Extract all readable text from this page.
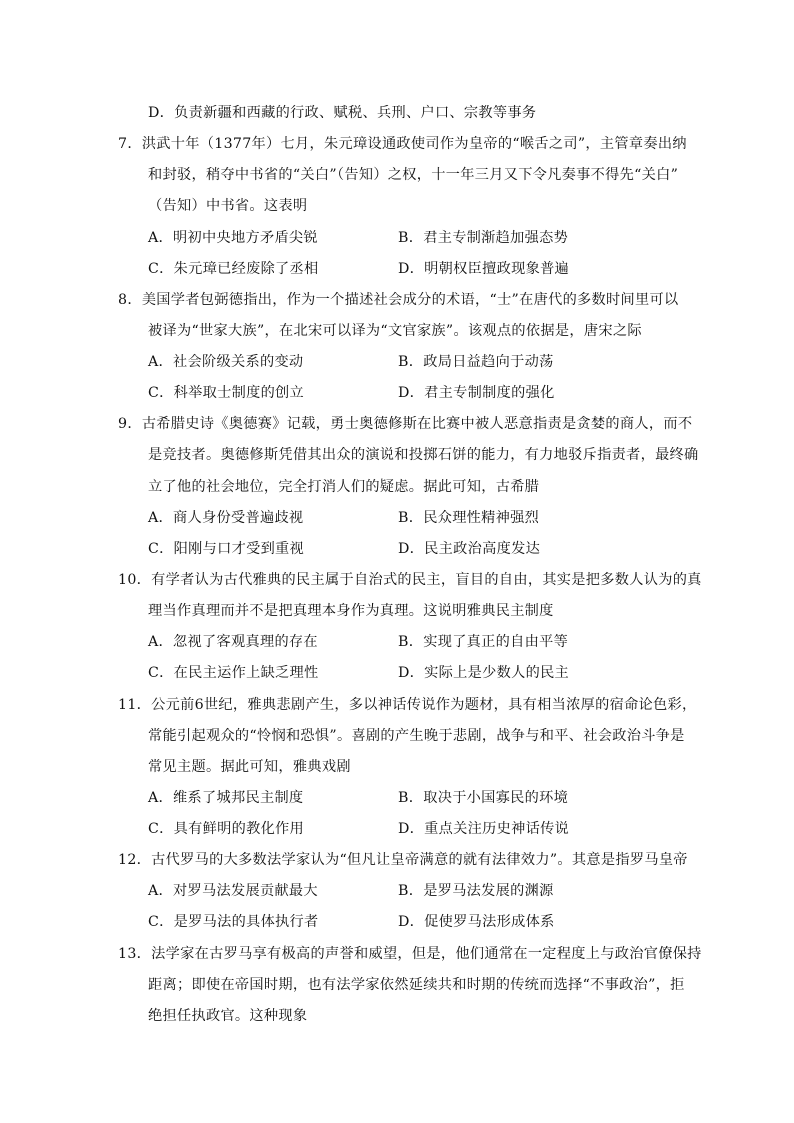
D．负责新疆和西藏的行政、赋税、兵刑、户口、宗教等事务
7．洪武十年（1377年）七月，朱元璋设通政使司作为皇帝的“喉舌之司”，主管章奏出纳
和封驳，稍夺中书省的“关白”（告知）之权，十一年三月又下令凡奏事不得先“关白”
（告知）中书省。这表明
A．明初中央地方矛盾尖锐	B．君主专制渐趋加强态势
C．朱元璋已经废除了丞相	D．明朝权臣擅政现象普遍
8．美国学者包弼德指出，作为一个描述社会成分的术语，“士”在唐代的多数时间里可以
被译为“世家大族”，在北宋可以译为“文官家族”。该观点的依据是，唐宋之际
A．社会阶级关系的变动	B．政局日益趋向于动荡
C．科举取士制度的创立	D．君主专制制度的强化
9．古希腊史诗《奥德赛》记载，勇士奥德修斯在比赛中被人恶意指责是贪婪的商人，而不
是竞技者。奥德修斯凭借其出众的演说和投掷石饼的能力，有力地驳斥指责者，最终确
立了他的社会地位，完全打消人们的疑虑。据此可知，古希腊
A．商人身份受普遍歧视	B．民众理性精神强烈
C．阳刚与口才受到重视	D．民主政治高度发达
10．有学者认为古代雅典的民主属于自治式的民主，盲目的自由，其实是把多数人认为的真
理当作真理而并不是把真理本身作为真理。这说明雅典民主制度
A．忽视了客观真理的存在	B．实现了真正的自由平等
C．在民主运作上缺乏理性	D．实际上是少数人的民主
11．公元前6世纪，雅典悲剧产生，多以神话传说作为题材，具有相当浓厚的宿命论色彩，
常能引起观众的“怜悯和恐惧”。喜剧的产生晚于悲剧，战争与和平、社会政治斗争是
常见主题。据此可知，雅典戏剧
A．维系了城邦民主制度	B．取决于小国寡民的环境
C．具有鲜明的教化作用	D．重点关注历史神话传说
12．古代罗马的大多数法学家认为“但凡让皇帝满意的就有法律效力”。其意是指罗马皇帝
A．对罗马法发展贡献最大	B．是罗马法发展的渊源
C．是罗马法的具体执行者	D．促使罗马法形成体系
13．法学家在古罗马享有极高的声誉和威望，但是，他们通常在一定程度上与政治官僚保持
距离；即使在帝国时期，也有法学家依然延续共和时期的传统而选择“不事政治”，拒
绝担任执政官。这种现象
